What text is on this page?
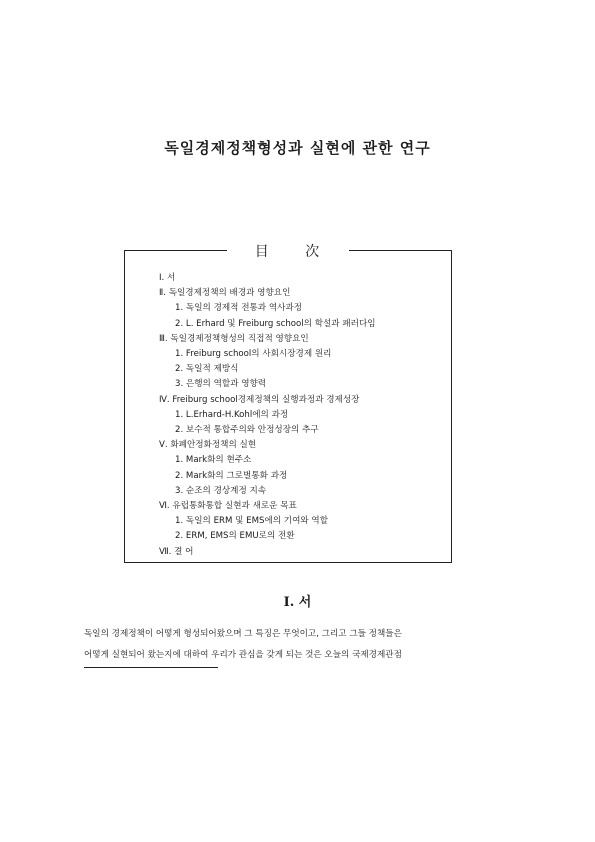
독일경제정책형성과 실현에 관한 연구
目 次
Ⅰ. 서
Ⅱ. 독일경제정책의 배경과 영향요인
1. 독일의 경제적 전통과 역사과정
2. L. Erhard 및 Freiburg school의 학설과 패러다임
Ⅲ. 독일경제정책형성의 직접적 영향요인
1. Freiburg school의 사회시장경제 원리
2. 독일적 제방식
3. 은행의 역할과 영향력
Ⅳ. Freiburg school경제정책의 실행과정과 경제성장
1. L.Erhard-H.Kohl에의 과정
2. 보수적 통합주의와 안정성장의 추구
Ⅴ. 화폐안정화정책의 실현
1. Mark화의 현주소
2. Mark화의 그로벌통화 과정
3. 순조의 경상계정 지속
Ⅵ. 유럽통화통합 실현과 새로운 목표
1. 독일의 ERM 및 EMS에의 기여와 역할
2. ERM, EMS의 EMU로의 전환
Ⅶ. 결 어
Ⅰ. 서
독일의 경제정책이 어떻게 형성되어왔으며 그 특징은 무엇이고, 그리고 그들 정책들은
어떻게 실현되어 왔는지에 대하여 우리가 관심을 갖게 되는 것은 오늘의 국제경제관점
